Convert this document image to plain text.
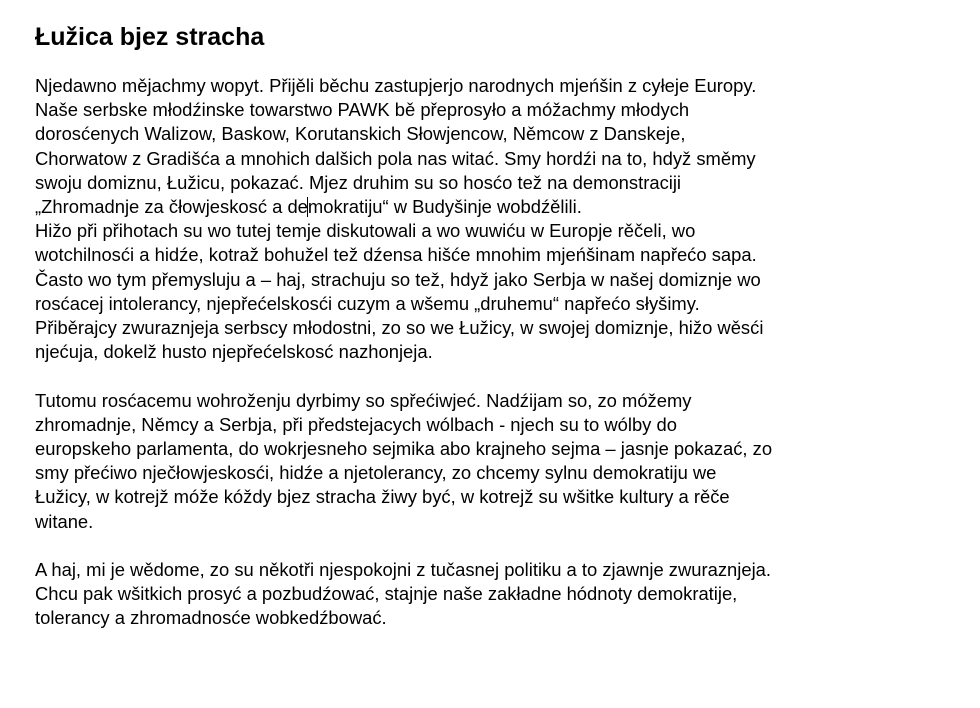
Łužica bjez stracha

Njedawno mějachmy wopyt. Přijěli běchu zastupjerjo narodnych mjeńšin z cyłeje Europy.
Naše serbske młodźinske towarstwo PAWK bě přeprosyło a móžachmy młodych
dorosćenych Walizow, Baskow, Korutanskich Słowjencow, Němcow z Danskeje,
Chorwatow z Gradišća a mnohich dalšich pola nas witać. Smy hordźi na to, hdyž směmy
swoju domiznu, Łužicu, pokazać. Mjez druhim su so hosćo tež na demonstraciji
„Zhromadnje za čłowjeskosć a demokratiju“ w Budyšinje wobdźělili.
Hižo při přihotach su wo tutej temje diskutowali a wo wuwiću w Europje rěčeli, wo
wotchilnosći a hidźe, kotraž bohužel tež dźensa hišće mnohim mjeńšinam napřećo sapa.
Často wo tym přemysluju a – haj, strachuju so tež, hdyž jako Serbja w našej domiznje wo
rosćacej intolerancy, njepřećelskosći cuzym a wšemu „druhemu“ napřećo słyšimy.
Přiběrajcy zwuraznjeja serbscy młodostni, zo so we Łužicy, w swojej domiznje, hižo wěsći
njećuja, dokelž husto njepřećelskosć nazhonjeja.

Tutomu rosćacemu wohroženju dyrbimy so spřećiwjeć. Nadźijam so, zo móžemy
zhromadnje, Němcy a Serbja, při předstejacych wólbach - njech su to wólby do
europskeho parlamenta, do wokrjesneho sejmika abo krajneho sejma – jasnje pokazać, zo
smy přećiwo nječłowjeskosći, hidźe a njetolerancy, zo chcemy sylnu demokratiju we
Łužicy, w kotrejž móže kóždy bjez stracha žiwy być, w kotrejž su wšitke kultury a rěče
witane.

A haj, mi je wědome, zo su někotři njespokojni z tučasnej politiku a to zjawnje zwuraznjeja.
Chcu pak wšitkich prosyć a pozbudźować, stajnje naše zakładne hódnoty demokratije,
tolerancy a zhromadnosće wobkedźbować.
